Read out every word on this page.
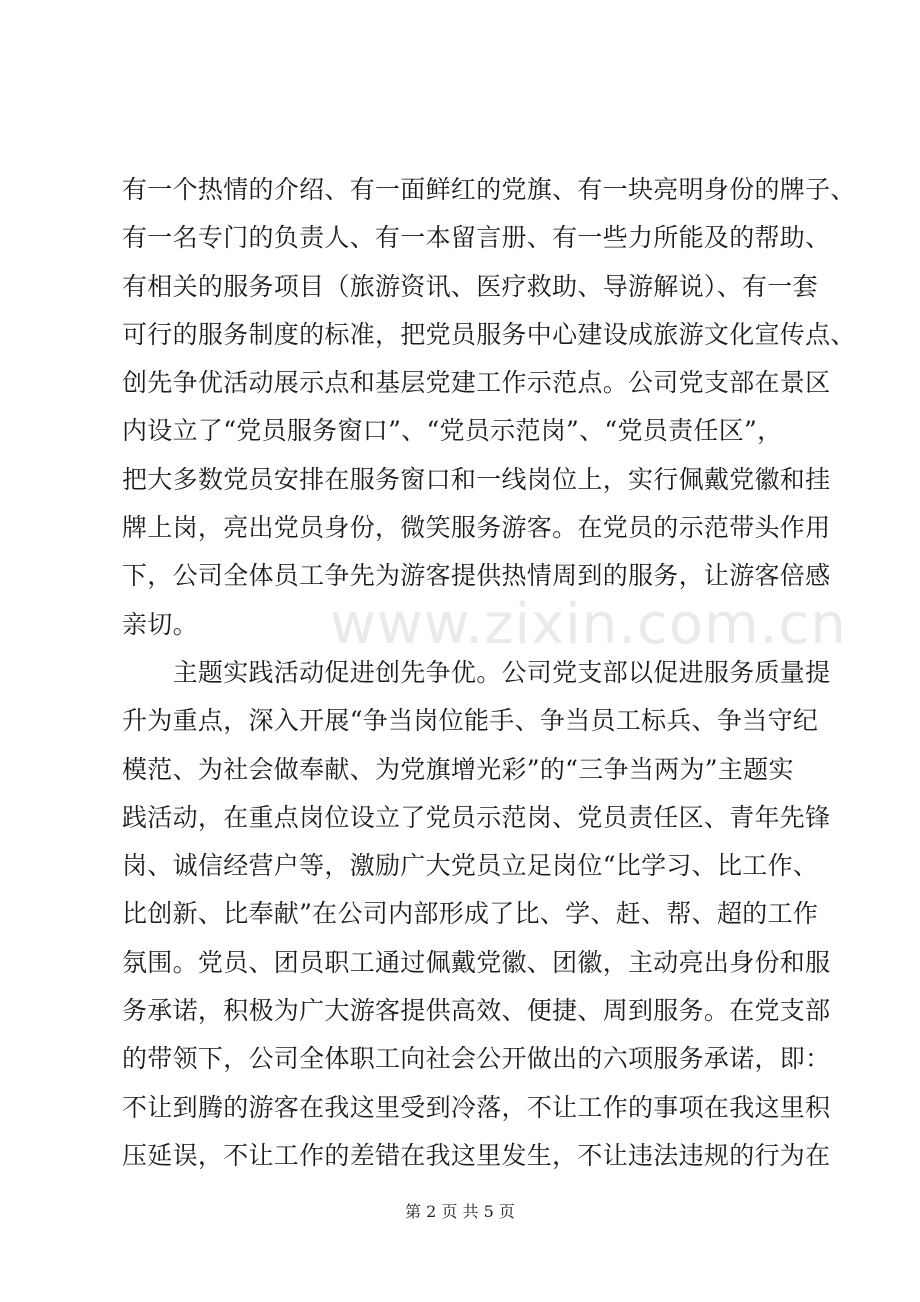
有一个热情的介绍、有一面鲜红的党旗、有一块亮明身份的牌子、
有一名专门的负责人、有一本留言册、有一些力所能及的帮助、
有相关的服务项目（旅游资讯、医疗救助、导游解说）、有一套
可行的服务制度的标准，把党员服务中心建设成旅游文化宣传点、
创先争优活动展示点和基层党建工作示范点。公司党支部在景区
内设立了“党员服务窗口”、“党员示范岗”、“党员责任区”，
把大多数党员安排在服务窗口和一线岗位上，实行佩戴党徽和挂
牌上岗，亮出党员身份，微笑服务游客。在党员的示范带头作用
下，公司全体员工争先为游客提供热情周到的服务，让游客倍感
亲切。
　　主题实践活动促进创先争优。公司党支部以促进服务质量提
升为重点，深入开展“争当岗位能手、争当员工标兵、争当守纪
模范、为社会做奉献、为党旗增光彩”的“三争当两为”主题实
践活动，在重点岗位设立了党员示范岗、党员责任区、青年先锋
岗、诚信经营户等，激励广大党员立足岗位“比学习、比工作、
比创新、比奉献”在公司内部形成了比、学、赶、帮、超的工作
氛围。党员、团员职工通过佩戴党徽、团徽，主动亮出身份和服
务承诺，积极为广大游客提供高效、便捷、周到服务。在党支部
的带领下，公司全体职工向社会公开做出的六项服务承诺，即：
不让到腾的游客在我这里受到冷落，不让工作的事项在我这里积
压延误，不让工作的差错在我这里发生，不让违法违规的行为在
www.zixin.com.cn
第 2 页 共 5 页
